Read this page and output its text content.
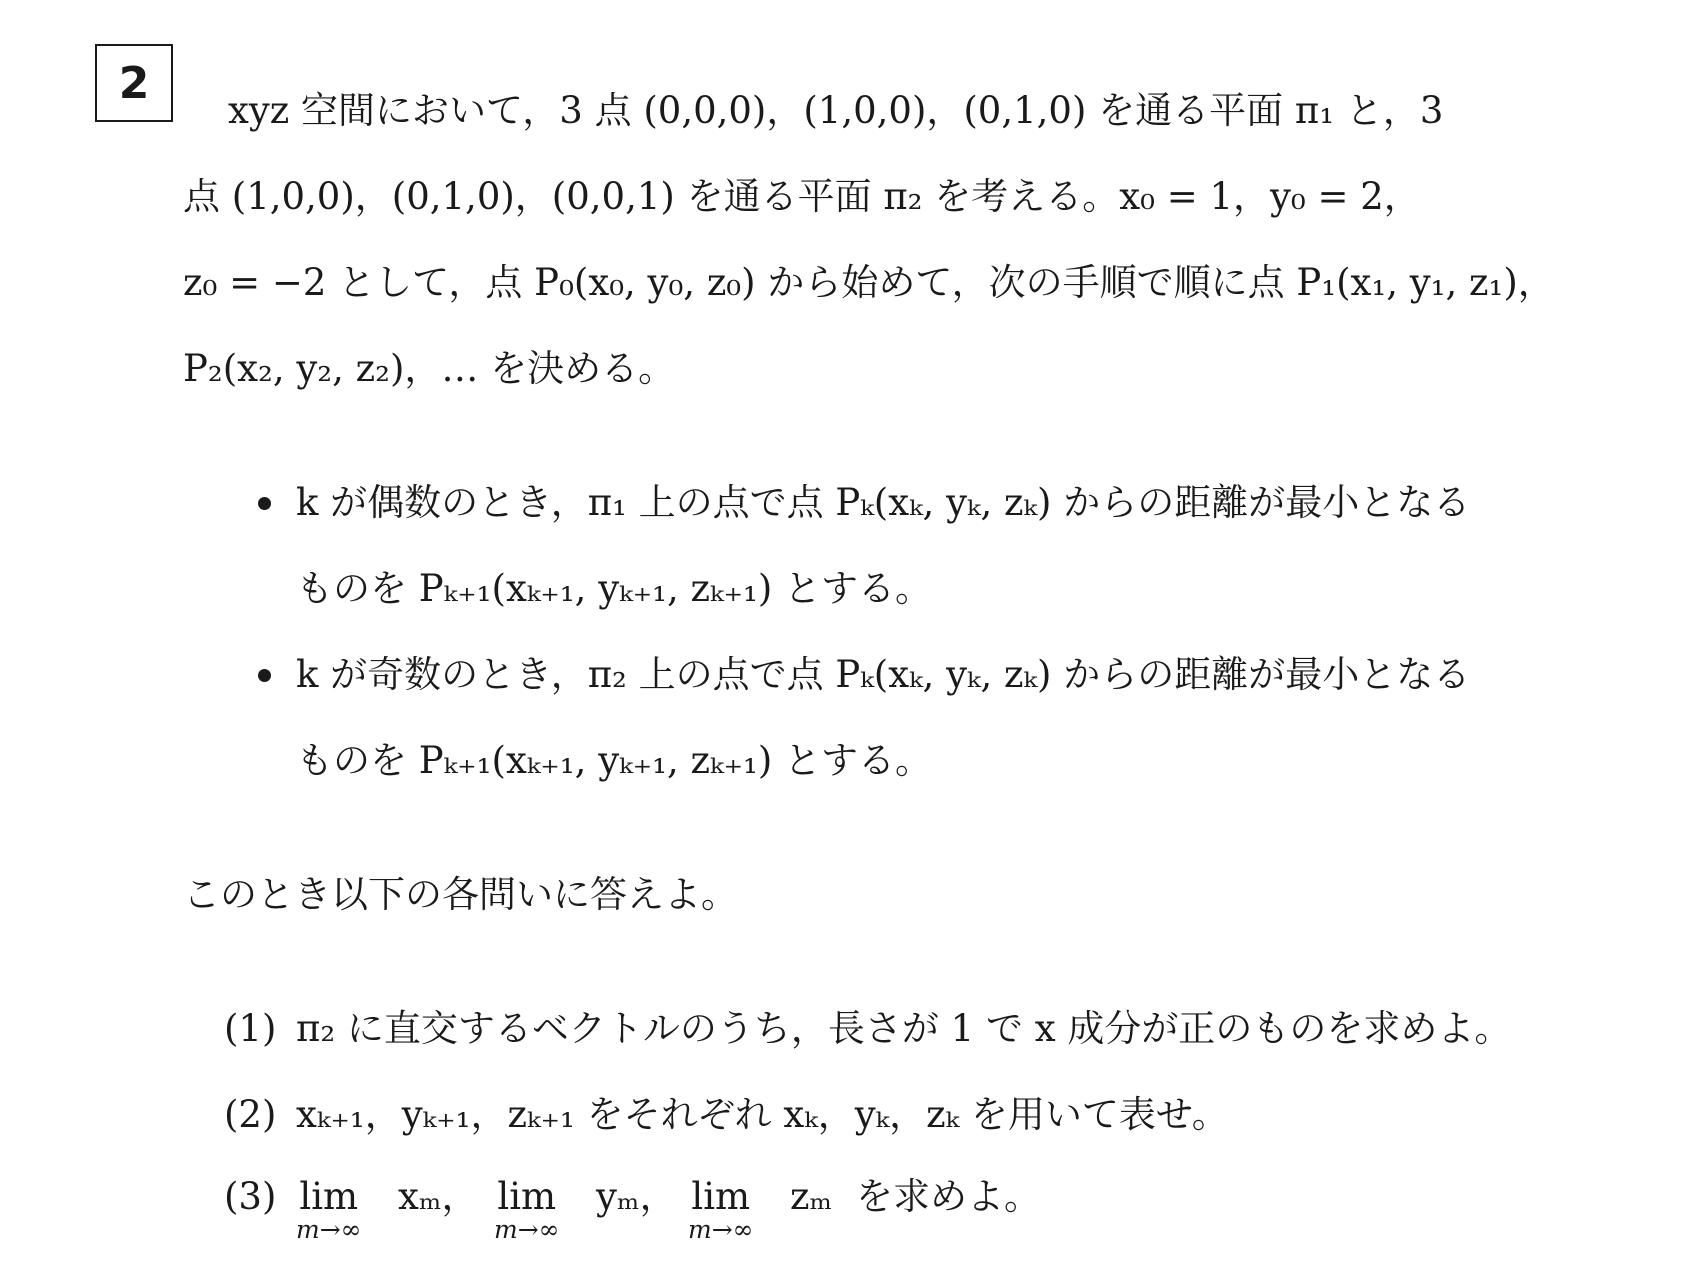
2
xyz 空間において，3 点 (0,0,0)，(1,0,0)，(0,1,0) を通る平面 π₁ と，3
点 (1,0,0)，(0,1,0)，(0,0,1) を通る平面 π₂ を考える。x₀ = 1，y₀ = 2，
z₀ = −2 として，点 P₀(x₀, y₀, z₀) から始めて，次の手順で順に点 P₁(x₁, y₁, z₁)，
P₂(x₂, y₂, z₂)，… を決める。
k が偶数のとき，π₁ 上の点で点 Pₖ(xₖ, yₖ, zₖ) からの距離が最小となる
ものを Pₖ₊₁(xₖ₊₁, yₖ₊₁, zₖ₊₁) とする。
k が奇数のとき，π₂ 上の点で点 Pₖ(xₖ, yₖ, zₖ) からの距離が最小となる
ものを Pₖ₊₁(xₖ₊₁, yₖ₊₁, zₖ₊₁) とする。
このとき以下の各問いに答えよ。
(1) π₂ に直交するベクトルのうち，長さが 1 で x 成分が正のものを求めよ。
(2) xₖ₊₁，yₖ₊₁，zₖ₊₁ をそれぞれ xₖ，yₖ，zₖ を用いて表せ。
(3) lim
m→∞
xₘ， lim
m→∞
yₘ， lim
m→∞
zₘ を求めよ。
